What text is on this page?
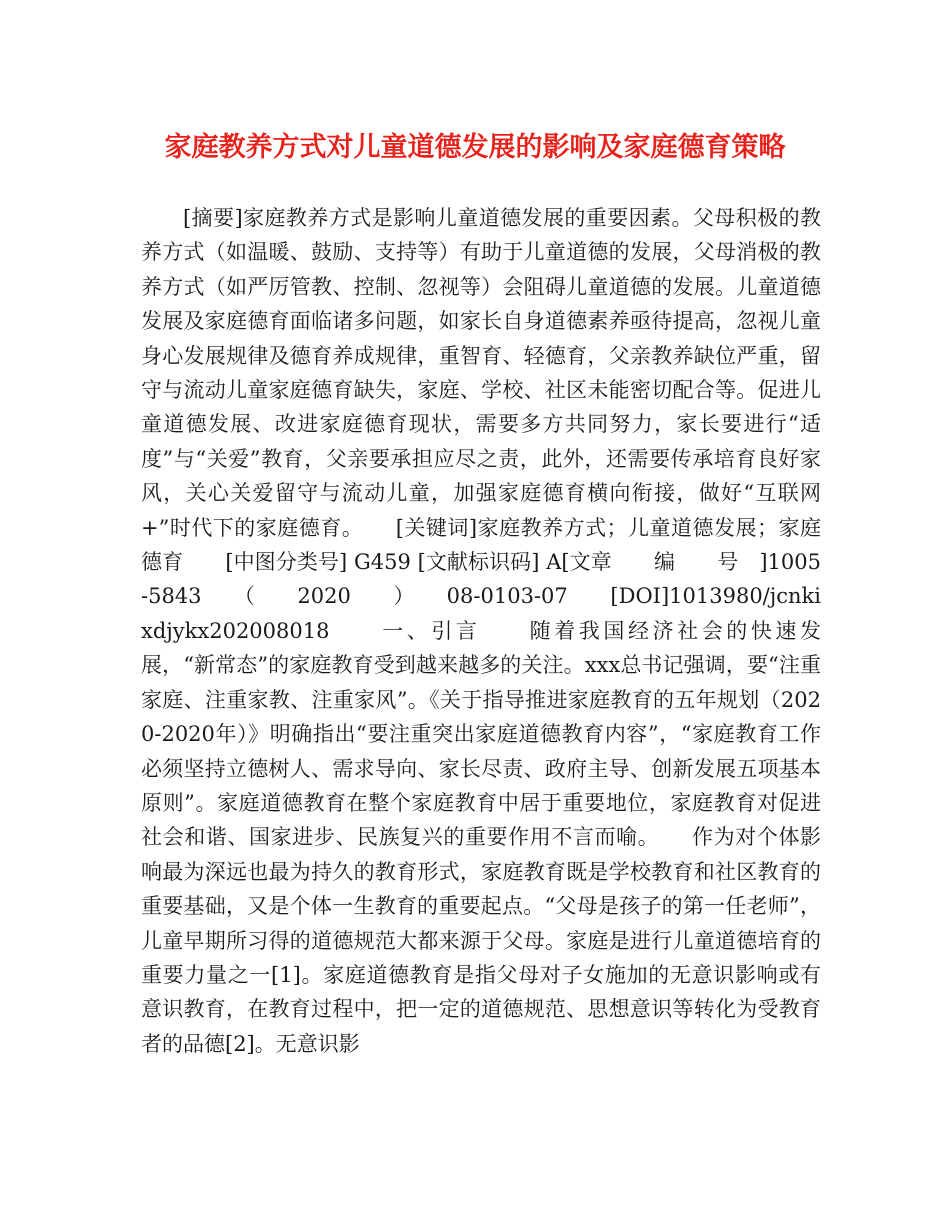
家庭教养方式对儿童道德发展的影响及家庭德育策略

[摘要]家庭教养方式是影响儿童道德发展的重要因素。父母积极的教养方式（如温暖、鼓励、支持等）有助于儿童道德的发展，父母消极的教养方式（如严厉管教、控制、忽视等）会阻碍儿童道德的发展。儿童道德发展及家庭德育面临诸多问题，如家长自身道德素养亟待提高，忽视儿童身心发展规律及德育养成规律，重智育、轻德育，父亲教养缺位严重，留守与流动儿童家庭德育缺失，家庭、学校、社区未能密切配合等。促进儿童道德发展、改进家庭德育现状，需要多方共同努力，家长要进行“适度”与“关爱”教育，父亲要承担应尽之责，此外，还需要传承培育良好家风，关心关爱留守与流动儿童，加强家庭德育横向衔接，做好“互联网+”时代下的家庭德育。　　[关键词]家庭教养方式；儿童道德发展；家庭德育　　[中图分类号] G459 [文献标识码] A[文章　　编　　号　]1005-5843　　（　　2020　　）　　08-0103-07　　[DOI]1013980/jcnkixdjykx202008018　　一、引言　　随着我国经济社会的快速发展，“新常态”的家庭教育受到越来越多的关注。xxx总书记强调，要“注重家庭、注重家教、注重家风”。《关于指导推进家庭教育的五年规划（2020-2020年）》明确指出“要注重突出家庭道德教育内容”，“家庭教育工作必须坚持立德树人、需求导向、家长尽责、政府主导、创新发展五项基本原则”。家庭道德教育在整个家庭教育中居于重要地位，家庭教育对促进社会和谐、国家进步、民族复兴的重要作用不言而喻。　　作为对个体影响最为深远也最为持久的教育形式，家庭教育既是学校教育和社区教育的重要基础，又是个体一生教育的重要起点。“父母是孩子的第一任老师”，儿童早期所习得的道德规范大都来源于父母。家庭是进行儿童道德培育的重要力量之一[1]。家庭道德教育是指父母对子女施加的无意识影响或有意识教育，在教育过程中，把一定的道德规范、思想意识等转化为受教育者的品德[2]。无意识影
